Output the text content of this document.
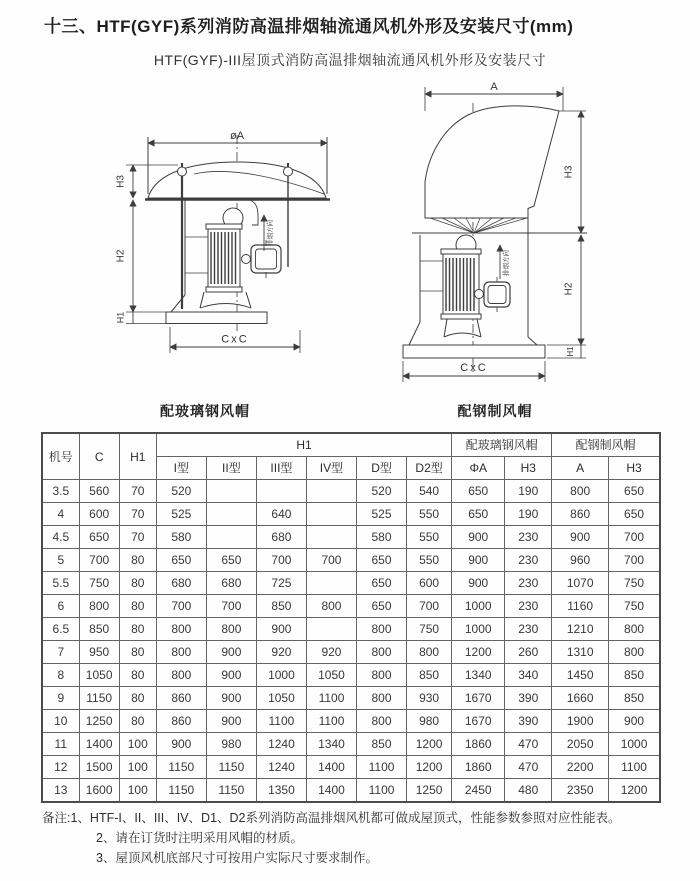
十三、HTF(GYF)系列消防高温排烟轴流通风机外形及安装尺寸(mm)
HTF(GYF)-III屋顶式消防高温排烟轴流通风机外形及安装尺寸
øA
H3
H2
H1
CxC
排烟方向
A
H3
H2
H1
CxC
排烟方向
配玻璃钢风帽	配钢制风帽
机号	C	H1	H1						配玻璃钢风帽		配钢制风帽	
			I型	II型	III型	IV型	D型	D2型	ΦA	H3	A	H3
3.5	560	70	520				520	540	650	190	800	650
4	600	70	525		640		525	550	650	190	860	650
4.5	650	70	580		680		580	550	900	230	900	700
5	700	80	650	650	700	700	650	550	900	230	960	700
5.5	750	80	680	680	725		650	600	900	230	1070	750
6	800	80	700	700	850	800	650	700	1000	230	1160	750
6.5	850	80	800	800	900		800	750	1000	230	1210	800
7	950	80	800	900	920	920	800	800	1200	260	1310	800
8	1050	80	800	900	1000	1050	800	850	1340	340	1450	850
9	1150	80	860	900	1050	1100	800	930	1670	390	1660	850
10	1250	80	860	900	1100	1100	800	980	1670	390	1900	900
11	1400	100	900	980	1240	1340	850	1200	1860	470	2050	1000
12	1500	100	1150	1150	1240	1400	1100	1200	1860	470	2200	1100
13	1600	100	1150	1150	1350	1400	1100	1250	2450	480	2350	1200
备注:1、HTF-I、II、III、IV、D1、D2系列消防高温排烟风机都可做成屋顶式，性能参数参照对应性能表。
2、请在订货时注明采用风帽的材质。
3、屋顶风机底部尺寸可按用户实际尺寸要求制作。
